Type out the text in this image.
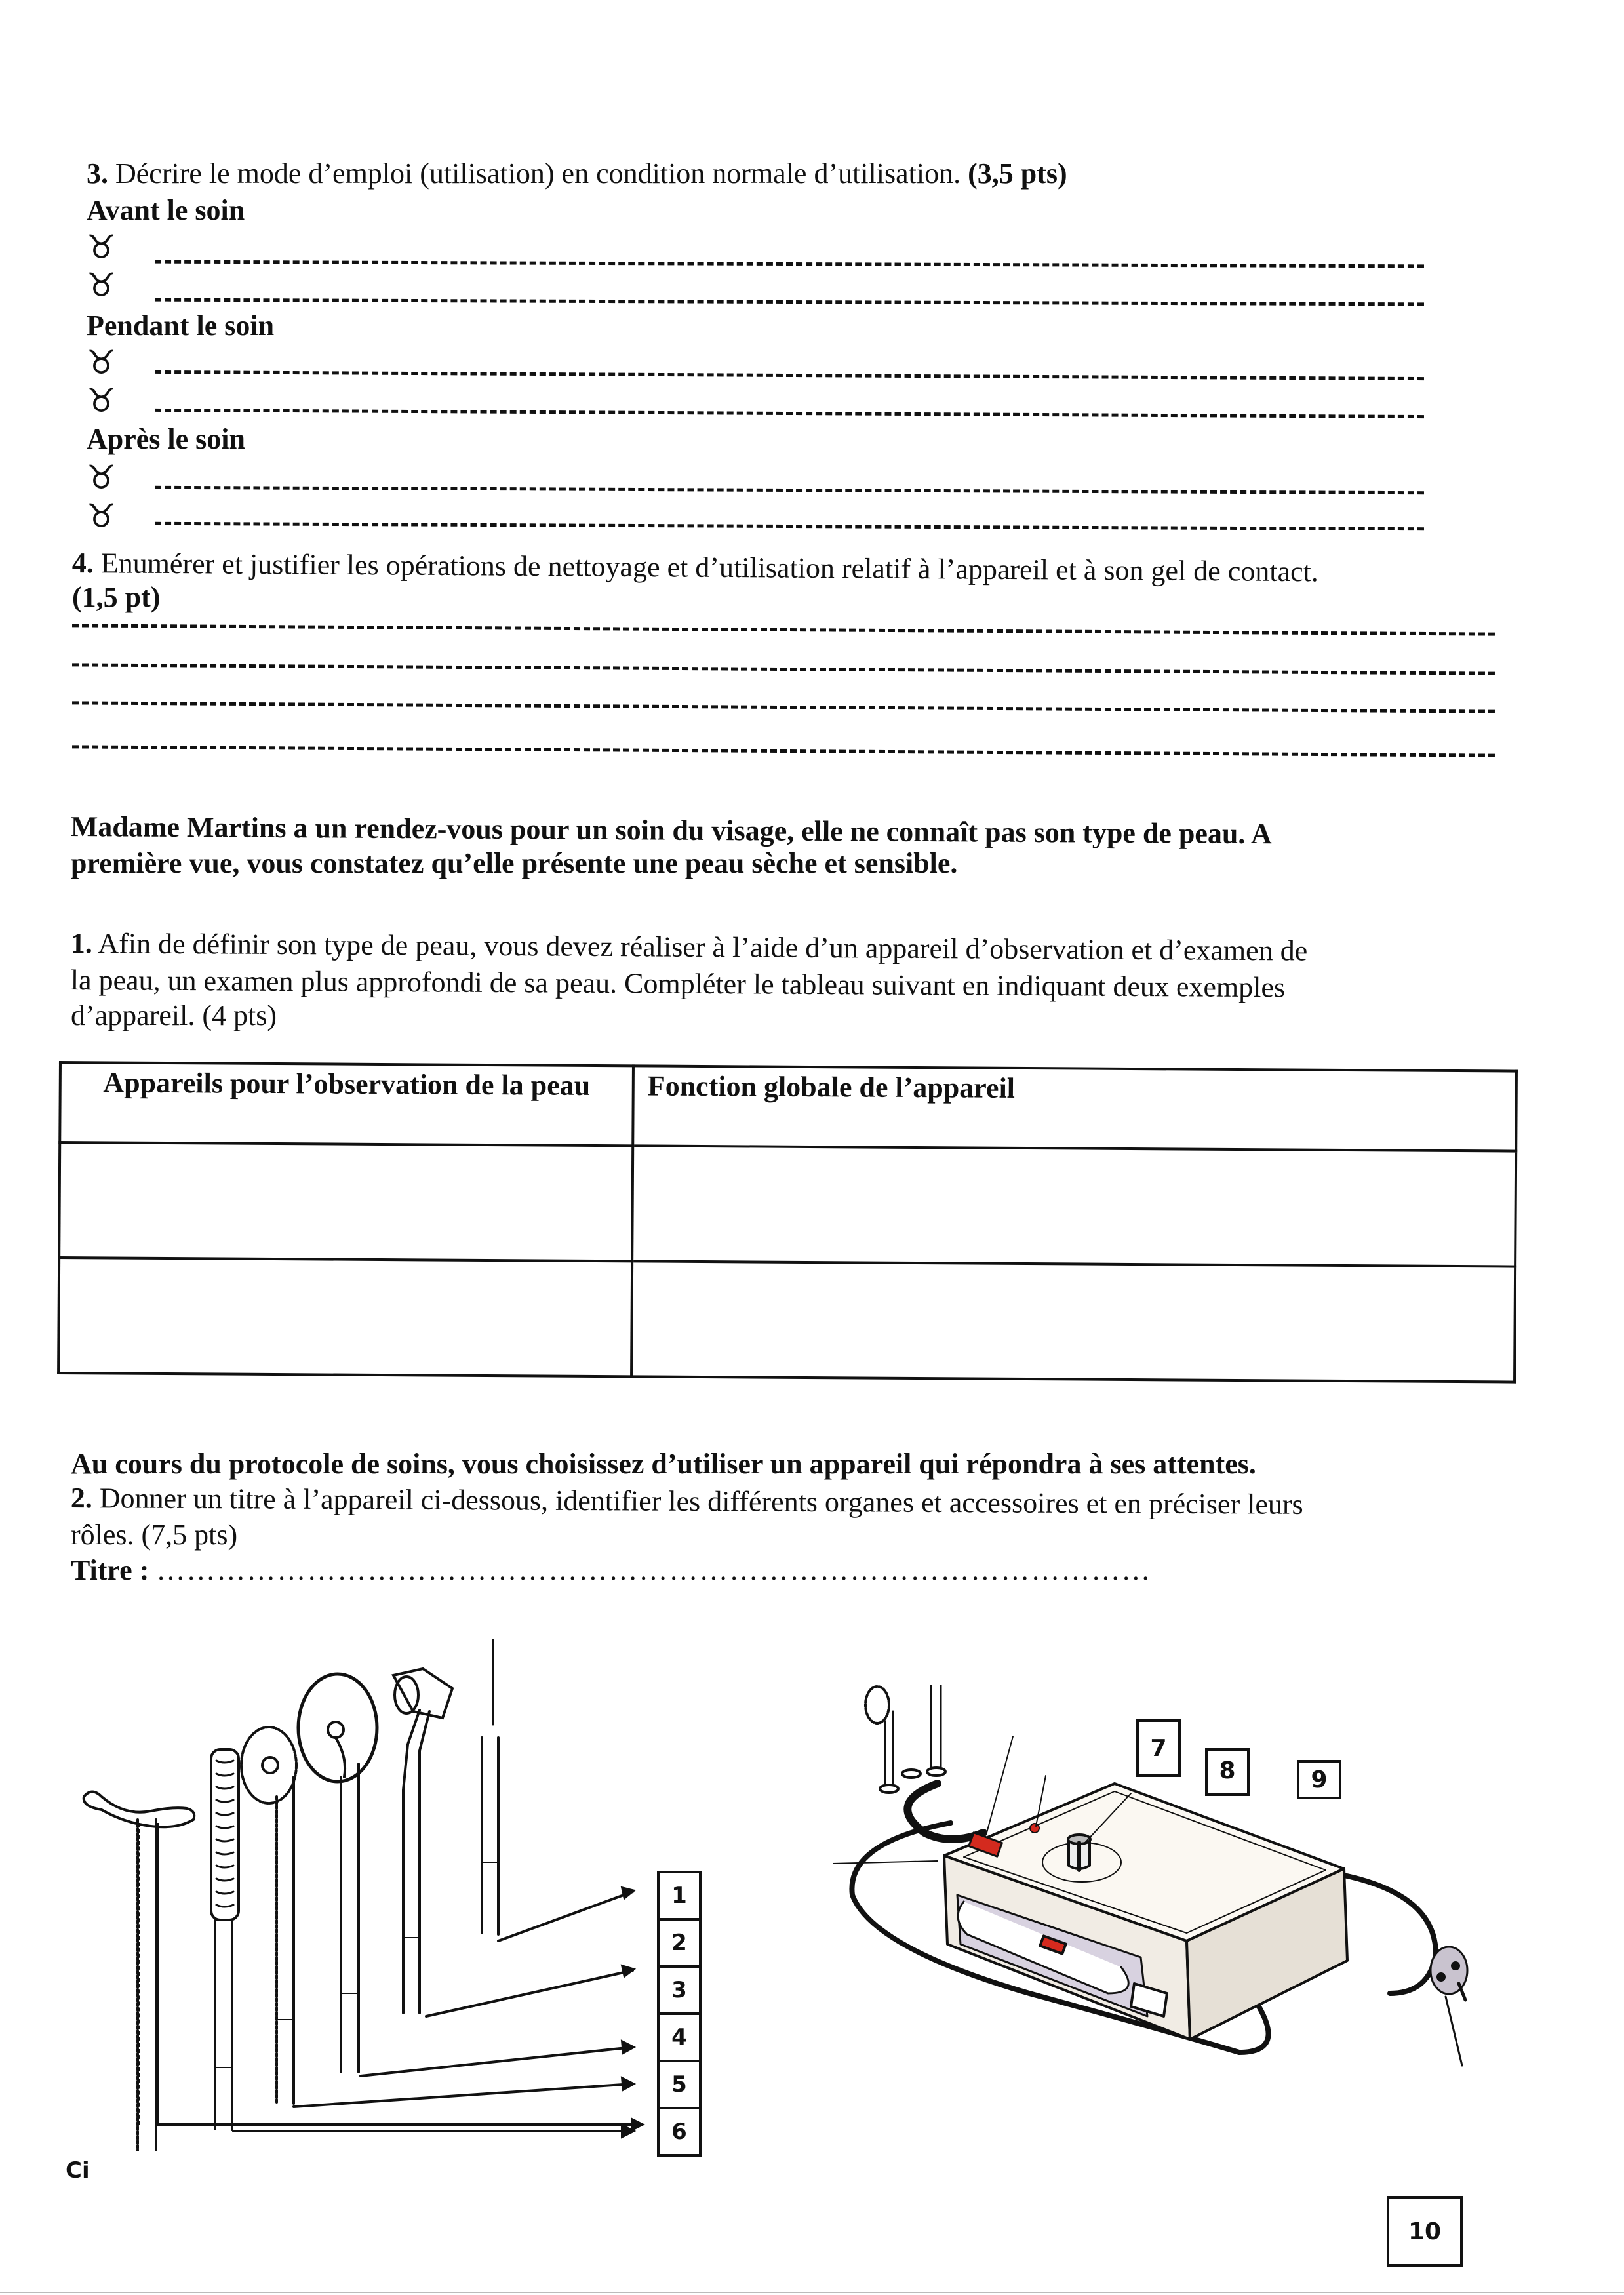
3. Décrire le mode d’emploi (utilisation) en condition normale d’utilisation. (3,5 pts)
Avant le soin
♉
♉
Pendant le soin
♉
♉
Après le soin
♉
♉
4. Enumérer et justifier les opérations de nettoyage et d’utilisation relatif à l’appareil et à son gel de contact.
(1,5 pt)
Madame Martins a un rendez-vous pour un soin du visage, elle ne connaît pas son type de peau. A
première vue, vous constatez qu’elle présente une peau sèche et sensible.
1. Afin de définir son type de peau, vous devez réaliser à l’aide d’un appareil d’observation et d’examen de
la peau, un examen plus approfondi de sa peau. Compléter le tableau suivant en indiquant deux exemples
d’appareil. (4 pts)
Appareils pour l’observation de la peau	Fonction globale de l’appareil

Au cours du protocole de soins, vous choisissez d’utiliser un appareil qui répondra à ses attentes.
2. Donner un titre à l’appareil ci-dessous, identifier les différents organes et accessoires et en préciser leurs
rôles. (7,5 pts)
Titre : ………………………………………………………………………………………
1
2
3
4
5
6
7
8	9
10
Ci
